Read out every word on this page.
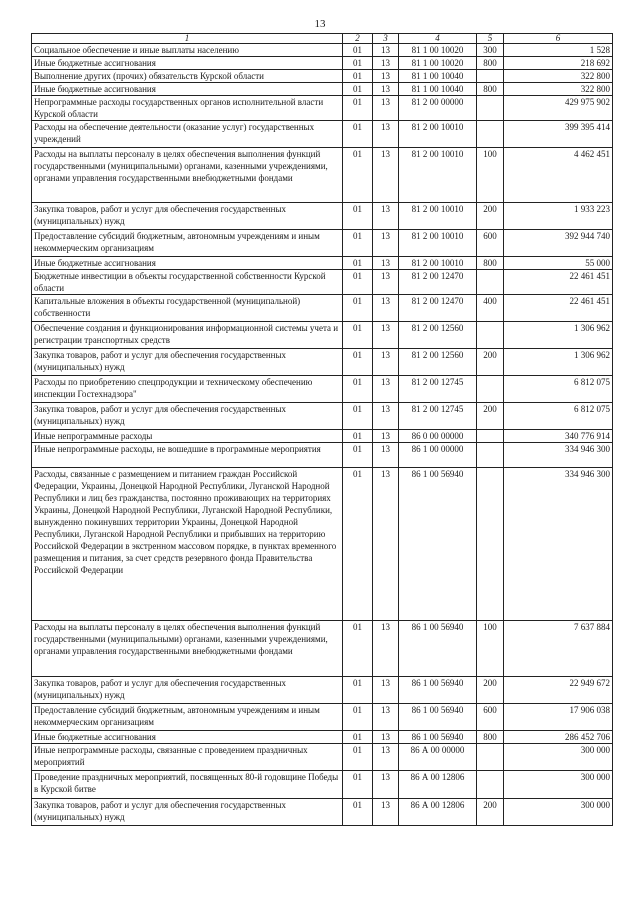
13
1	2	3	4	5	6
Социальное обеспечение и иные выплаты населению	01	13	81 1 00 10020	300	1 528
Иные бюджетные ассигнования	01	13	81 1 00 10020	800	218 692
Выполнение других (прочих) обязательств Курской области	01	13	81 1 00 10040		322 800
Иные бюджетные ассигнования	01	13	81 1 00 10040	800	322 800
Непрограммные расходы государственных органов исполнительной власти Курской области	01	13	81 2 00 00000		429 975 902
Расходы на обеспечение деятельности (оказание услуг) государственных учреждений	01	13	81 2 00 10010		399 395 414
Расходы на выплаты персоналу в целях обеспечения выполнения функций государственными (муниципальными) органами, казенными учреждениями, органами управления государственными внебюджетными фондами	01	13	81 2 00 10010	100	4 462 451
Закупка товаров, работ и услуг для обеспечения государственных (муниципальных) нужд	01	13	81 2 00 10010	200	1 933 223
Предоставление субсидий бюджетным, автономным учреждениям и иным некоммерческим организациям	01	13	81 2 00 10010	600	392 944 740
Иные бюджетные ассигнования	01	13	81 2 00 10010	800	55 000
Бюджетные инвестиции в объекты государственной собственности Курской области	01	13	81 2 00 12470		22 461 451
Капитальные вложения в объекты государственной (муниципальной) собственности	01	13	81 2 00 12470	400	22 461 451
Обеспечение создания и функционирования информационной системы учета и регистрации транспортных средств	01	13	81 2 00 12560		1 306 962
Закупка товаров, работ и услуг для обеспечения государственных (муниципальных) нужд	01	13	81 2 00 12560	200	1 306 962
Расходы по приобретению спецпродукции и техническому обеспечению инспекции Гостехнадзора"	01	13	81 2 00 12745		6 812 075
Закупка товаров, работ и услуг для обеспечения государственных (муниципальных) нужд	01	13	81 2 00 12745	200	6 812 075
Иные непрограммные расходы	01	13	86 0 00 00000		340 776 914
Иные непрограммные расходы, не вошедшие в программные мероприятия	01	13	86 1 00 00000		334 946 300
Расходы, связанные с размещением и питанием граждан Российской Федерации, Украины, Донецкой Народной Республики, Луганской Народной Республики и лиц без гражданства, постоянно проживающих на территориях Украины, Донецкой Народной Республики, Луганской Народной Республики, вынужденно покинувших территории Украины, Донецкой Народной Республики, Луганской Народной Республики и прибывших на территорию Российской Федерации в экстренном массовом порядке, в пунктах временного размещения и питания, за счет средств резервного фонда Правительства Российской Федерации	01	13	86 1 00 56940		334 946 300
Расходы на выплаты персоналу в целях обеспечения выполнения функций государственными (муниципальными) органами, казенными учреждениями, органами управления государственными внебюджетными фондами	01	13	86 1 00 56940	100	7 637 884
Закупка товаров, работ и услуг для обеспечения государственных (муниципальных) нужд	01	13	86 1 00 56940	200	22 949 672
Предоставление субсидий бюджетным, автономным учреждениям и иным некоммерческим организациям	01	13	86 1 00 56940	600	17 906 038
Иные бюджетные ассигнования	01	13	86 1 00 56940	800	286 452 706
Иные непрограммные расходы, связанные с проведением праздничных мероприятий	01	13	86 А 00 00000		300 000
Проведение праздничных мероприятий, посвященных 80-й годовщине Победы в Курской битве	01	13	86 А 00 12806		300 000
Закупка товаров, работ и услуг для обеспечения государственных (муниципальных) нужд	01	13	86 А 00 12806	200	300 000
